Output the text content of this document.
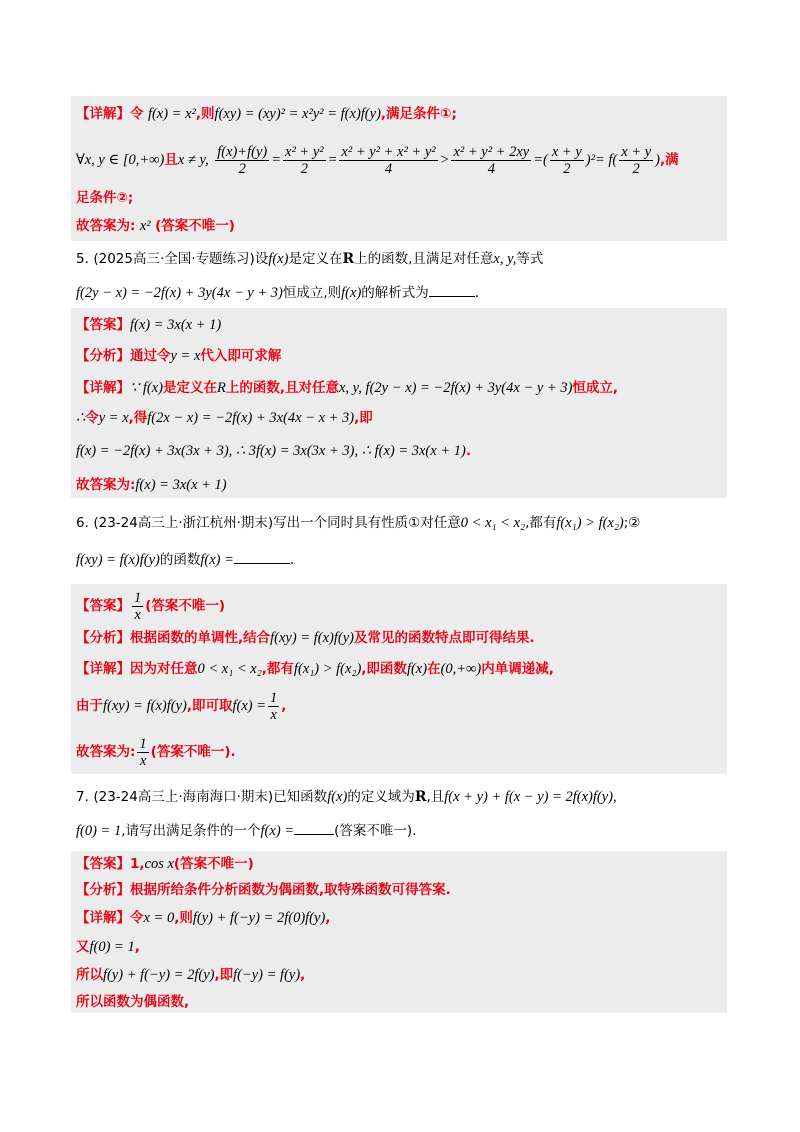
【详解】令 f(x) = x²,则f(xy) = (xy)² = x²y² = f(x)f(y),满足条件①;
∀x, y ∈ [0,+∞)且x ≠ y, $\frac{f(x)+f(y)}{2} = \frac{\text{x² + y²}}{2} = \frac{\text{x² + y² + x² + y²}}{4} > \frac{\text{x² + y² + 2xy}}{4}$ =( $\frac{x + y}{2} )^2= f( \frac{x + y}{2}$ ),满
足条件②;
故答案为: x² (答案不唯一)
5. (2025高三·全国·专题练习)设f(x)是定义在R上的函数,且满足对任意x, y,等式
f(2y − x) = −2f(x) + 3y(4x − y + 3)恒成立,则f(x)的解析式为	.
【答案】f(x) = 3x(x + 1)
【分析】通过令y = x代入即可求解
【详解】∵ f(x)是定义在R上的函数,且对任意x, y, f(2y − x) = −2f(x) + 3y(4x − y + 3)恒成立,
∴令y = x,得f(2x − x) = −2f(x) + 3x(4x − x + 3),即
f(x) = −2f(x) + 3x(3x + 3), ∴ 3f(x) = 3x(3x + 3), ∴ f(x) = 3x(x + 1).
故答案为:f(x) = 3x(x + 1)
6. (23-24高三上·浙江杭州·期末)写出一个同时具有性质①对任意0 < x₁ < x₂,都有f(x₁) > f(x₂);②
f(xy) = f(x)f(y)的函数f(x) =	.
【答案】 $\frac{1}{x}$ (答案不唯一)
【分析】根据函数的单调性,结合f(xy) = f(x)f(y)及常见的函数特点即可得结果.
【详解】因为对任意0 < x₁ < x₂,都有f(x₁) > f(x₂),即函数f(x)在(0,+∞)内单调递减,
由于f(xy) = f(x)f(y),即可取$f(x) = \frac{1}{x}$ ,
故答案为: $\frac{1}{x}$ (答案不唯一).
7. (23-24高三上·海南海口·期末)已知函数f(x)的定义域为R,且f(x + y) + f(x − y) = 2f(x)f(y),
f(0) = 1,请写出满足条件的一个f(x) =	(答案不唯一).
【答案】1,cos x(答案不唯一)
【分析】根据所给条件分析函数为偶函数,取特殊函数可得答案.
【详解】令x = 0,则f(y) + f(−y) = 2f(0)f(y),
又f(0) = 1,
所以f(y) + f(−y) = 2f(y),即f(−y) = f(y),
所以函数为偶函数,
